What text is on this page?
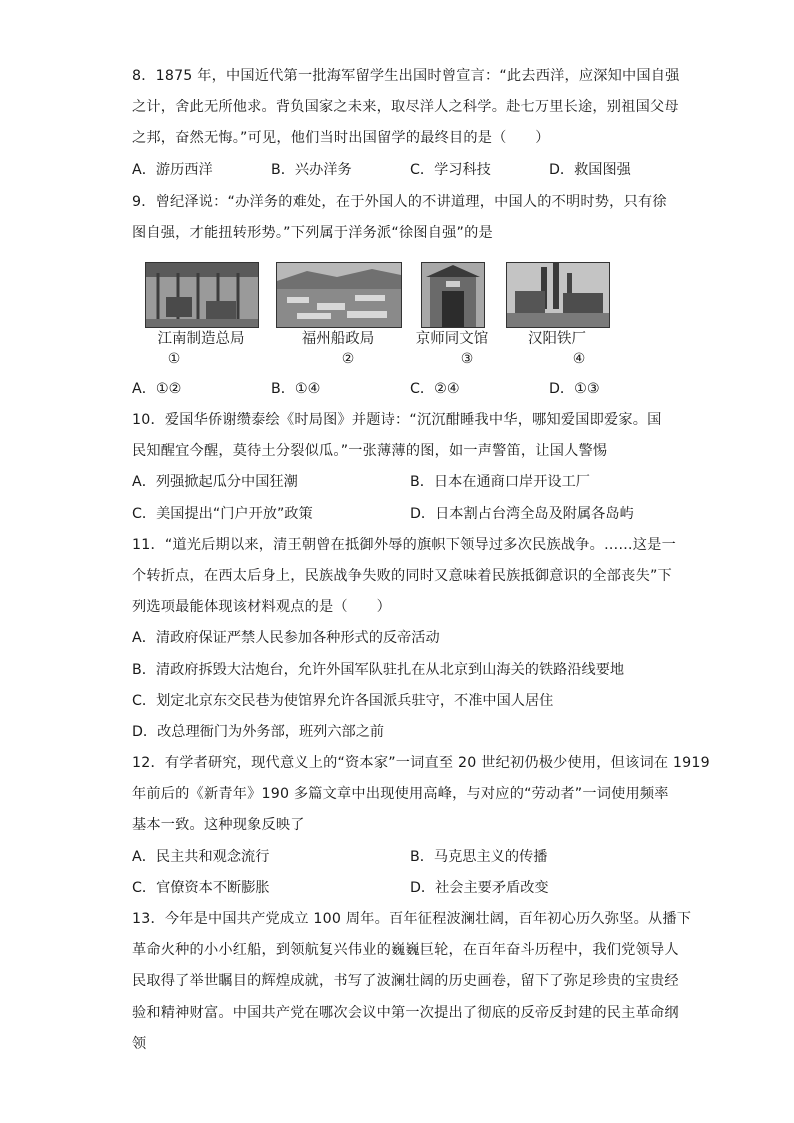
8．1875 年，中国近代第一批海军留学生出国时曾宣言：“此去西洋，应深知中国自强
之计，舍此无所他求。背负国家之未来，取尽洋人之科学。赴七万里长途，别祖国父母
之邦，奋然无悔。”可见，他们当时出国留学的最终目的是（　　）
A．游历西洋	B．兴办洋务	C．学习科技	D．救国图强
9．曾纪泽说：“办洋务的难处，在于外国人的不讲道理，中国人的不明时势，只有徐
图自强，才能扭转形势。”下列属于洋务派“徐图自强”的是
江南制造总局	福州船政局	京师同文馆	汉阳铁厂
①	②	③	④
A．①②	B．①④	C．②④	D．①③
10．爱国华侨谢缵泰绘《时局图》并题诗：“沉沉酣睡我中华，哪知爱国即爱家。国
民知醒宜今醒，莫待土分裂似瓜。”一张薄薄的图，如一声警笛，让国人警惕
A．列强掀起瓜分中国狂潮	B．日本在通商口岸开设工厂
C．美国提出“门户开放”政策	D．日本割占台湾全岛及附属各岛屿
11．“道光后期以来，清王朝曾在抵御外辱的旗帜下领导过多次民族战争。……这是一
个转折点，在西太后身上，民族战争失败的同时又意味着民族抵御意识的全部丧失”下
列选项最能体现该材料观点的是（　　）
A．清政府保证严禁人民参加各种形式的反帝活动
B．清政府拆毁大沽炮台，允许外国军队驻扎在从北京到山海关的铁路沿线要地
C．划定北京东交民巷为使馆界允许各国派兵驻守，不准中国人居住
D．改总理衙门为外务部，班列六部之前
12．有学者研究，现代意义上的“资本家”一词直至 20 世纪初仍极少使用，但该词在 1919
年前后的《新青年》190 多篇文章中出现使用高峰，与对应的“劳动者”一词使用频率
基本一致。这种现象反映了
A．民主共和观念流行	B．马克思主义的传播
C．官僚资本不断膨胀	D．社会主要矛盾改变
13．今年是中国共产党成立 100 周年。百年征程波澜壮阔，百年初心历久弥坚。从播下
革命火种的小小红船，到领航复兴伟业的巍巍巨轮，在百年奋斗历程中，我们党领导人
民取得了举世瞩目的辉煌成就，书写了波澜壮阔的历史画卷，留下了弥足珍贵的宝贵经
验和精神财富。中国共产党在哪次会议中第一次提出了彻底的反帝反封建的民主革命纲
领
